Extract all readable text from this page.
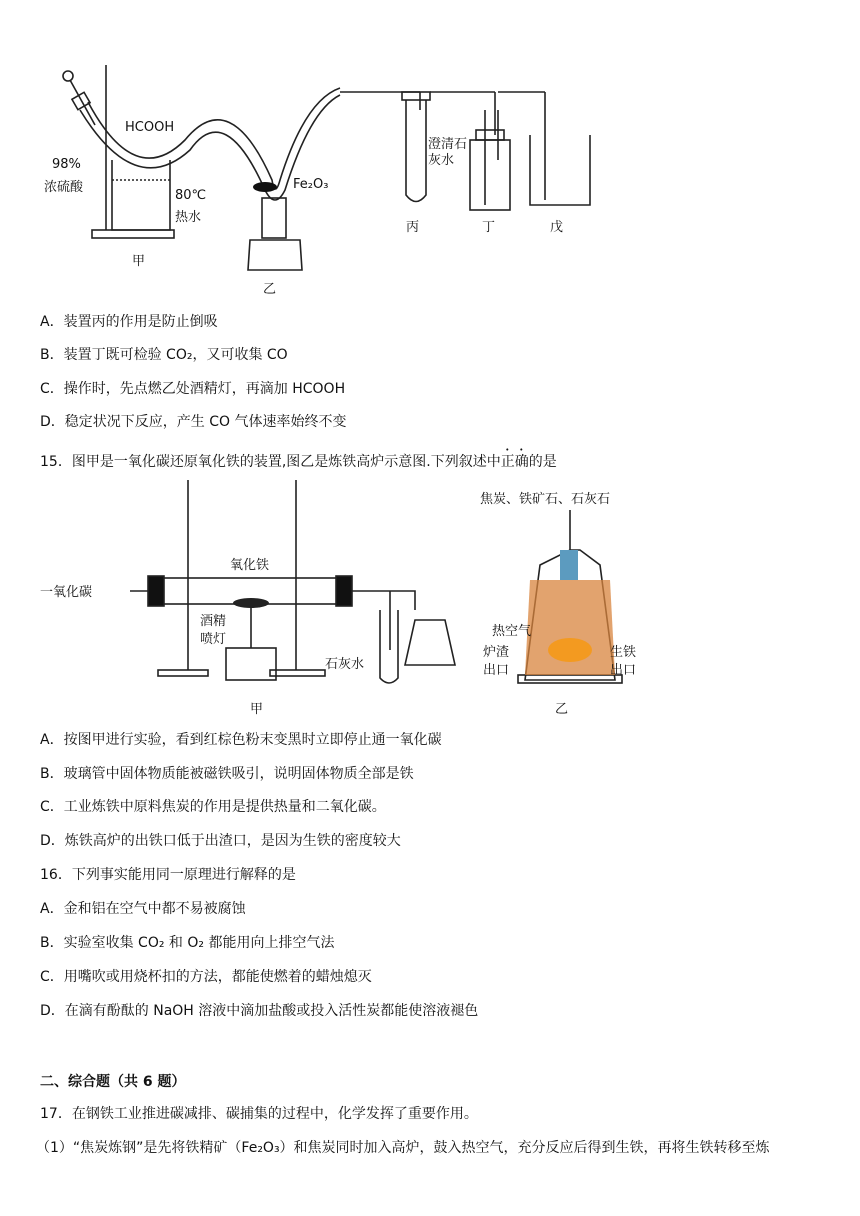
HCOOH
98%
浓硫酸
80℃
热水
Fe₂O₃
澄清石灰水
甲
乙
丙	丁	戊
A．装置丙的作用是防止倒吸
B．装置丁既可检验 CO₂，又可收集 CO
C．操作时，先点燃乙处酒精灯，再滴加 HCOOH
D．稳定状况下反应，产生 CO 气体速率始终不变
15．图甲是一氧化碳还原氧化铁的装置,图乙是炼铁高炉示意图.下列叙述中正确的是
一氧化碳
氧化铁
酒精喷灯
石灰水
甲
焦炭、铁矿石、石灰石
热空气
炉渣出口
生铁出口
乙
A．按图甲进行实验，看到红棕色粉末变黑时立即停止通一氧化碳
B．玻璃管中固体物质能被磁铁吸引，说明固体物质全部是铁
C．工业炼铁中原料焦炭的作用是提供热量和二氧化碳。
D．炼铁高炉的出铁口低于出渣口，是因为生铁的密度较大
16．下列事实能用同一原理进行解释的是
A．金和铝在空气中都不易被腐蚀
B．实验室收集 CO₂ 和 O₂ 都能用向上排空气法
C．用嘴吹或用烧杯扣的方法，都能使燃着的蜡烛熄灭
D．在滴有酚酞的 NaOH 溶液中滴加盐酸或投入活性炭都能使溶液褪色
二、综合题（共 6 题）
17．在钢铁工业推进碳减排、碳捕集的过程中，化学发挥了重要作用。
（1）“焦炭炼钢”是先将铁精矿（Fe₂O₃）和焦炭同时加入高炉，鼓入热空气，充分反应后得到生铁，再将生铁转移至炼
